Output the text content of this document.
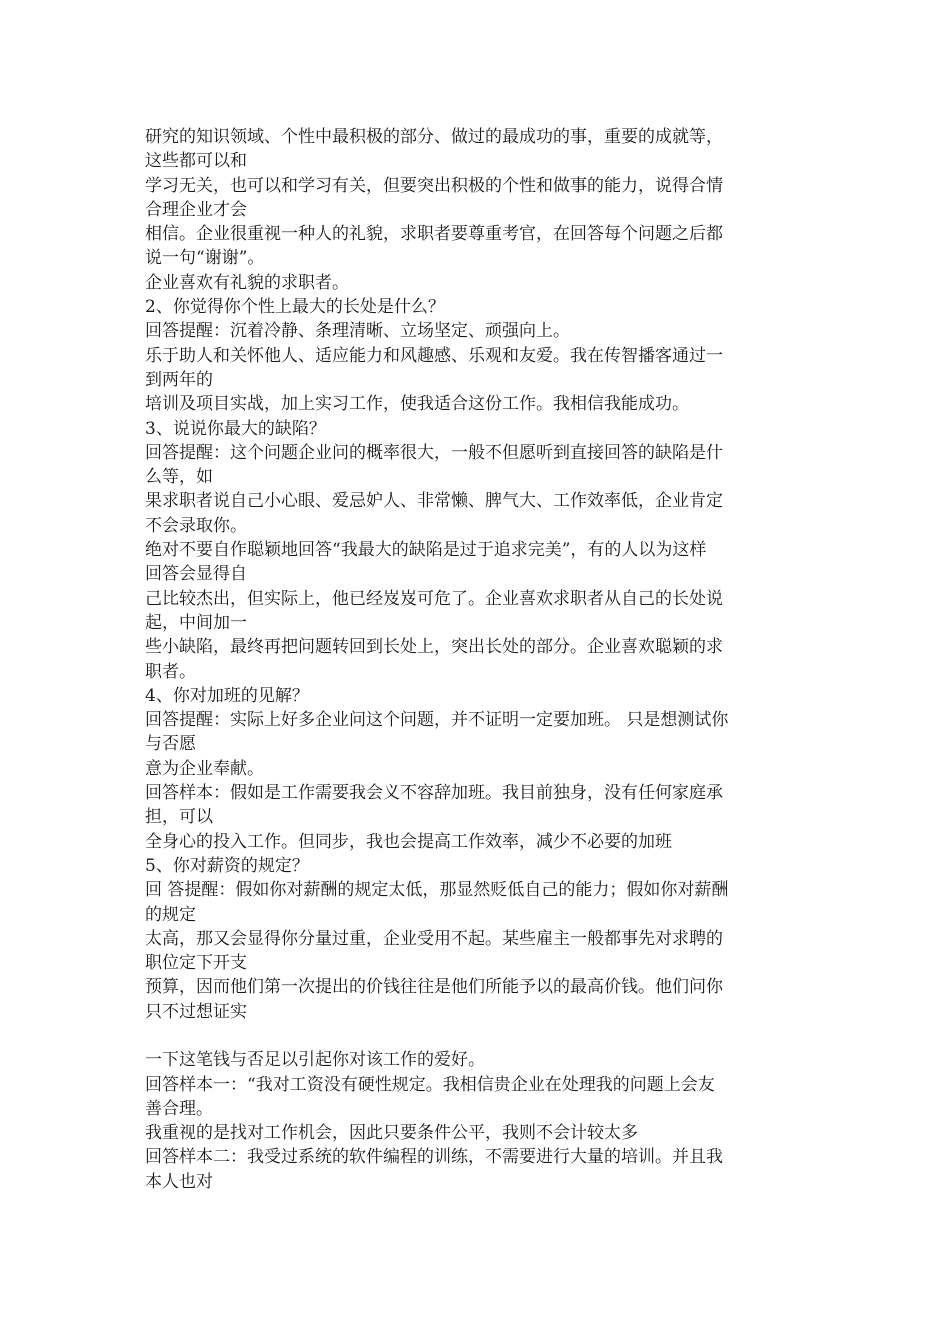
研究的知识领域、个性中最积极的部分、做过的最成功的事，重要的成就等，
这些都可以和
学习无关，也可以和学习有关，但要突出积极的个性和做事的能力，说得合情
合理企业才会
相信。企业很重视一种人的礼貌，求职者要尊重考官，在回答每个问题之后都
说一句“谢谢”。
企业喜欢有礼貌的求职者。
2、你觉得你个性上最大的长处是什么？
回答提醒：沉着冷静、条理清晰、立场坚定、顽强向上。
乐于助人和关怀他人、适应能力和风趣感、乐观和友爱。我在传智播客通过一
到两年的
培训及项目实战，加上实习工作，使我适合这份工作。我相信我能成功。
3、说说你最大的缺陷？
回答提醒：这个问题企业问的概率很大，一般不但愿听到直接回答的缺陷是什
么等，如
果求职者说自己小心眼、爱忌妒人、非常懒、脾气大、工作效率低，企业肯定
不会录取你。
绝对不要自作聪颖地回答“我最大的缺陷是过于追求完美”，有的人以为这样
回答会显得自
己比较杰出，但实际上，他已经岌岌可危了。企业喜欢求职者从自己的长处说
起，中间加一
些小缺陷，最终再把问题转回到长处上，突出长处的部分。企业喜欢聪颖的求
职者。
4、你对加班的见解？
回答提醒：实际上好多企业问这个问题，并不证明一定要加班。 只是想测试你
与否愿
意为企业奉献。
回答样本：假如是工作需要我会义不容辞加班。我目前独身，没有任何家庭承
担，可以
全身心的投入工作。但同步，我也会提高工作效率，减少不必要的加班
5、你对薪资的规定？
回 答提醒：假如你对薪酬的规定太低，那显然贬低自己的能力；假如你对薪酬
的规定
太高，那又会显得你分量过重，企业受用不起。某些雇主一般都事先对求聘的
职位定下开支
预算，因而他们第一次提出的价钱往往是他们所能予以的最高价钱。他们问你
只不过想证实
一下这笔钱与否足以引起你对该工作的爱好。
回答样本一：“我对工资没有硬性规定。我相信贵企业在处理我的问题上会友
善合理。
我重视的是找对工作机会，因此只要条件公平，我则不会计较太多
回答样本二：我受过系统的软件编程的训练，不需要进行大量的培训。并且我
本人也对
